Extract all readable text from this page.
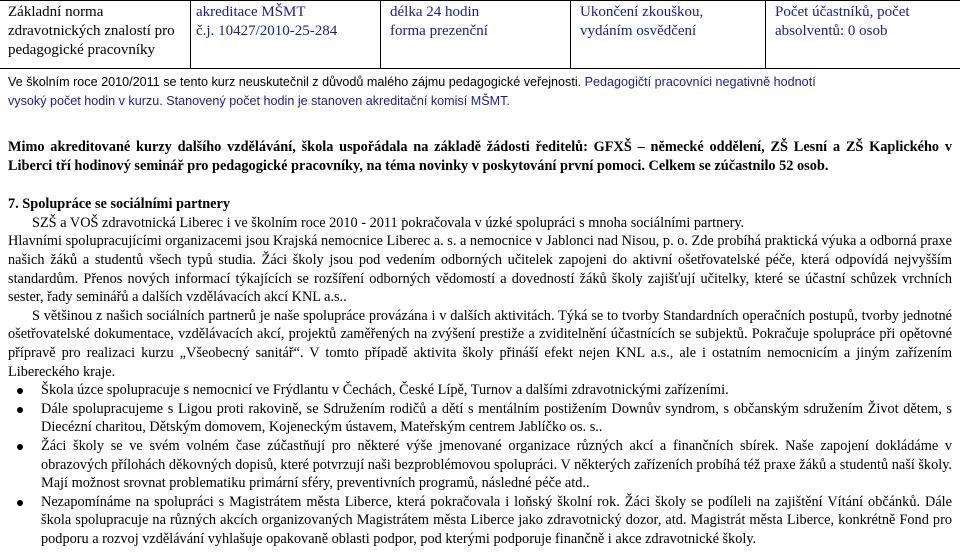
Základní norma
zdravotnických znalostí pro
pedagogické pracovníky
akreditace MŠMT
č.j. 10427/2010-25-284
délka 24 hodin
forma prezenční
Ukončení zkouškou,
vydáním osvědčení
Počet účastníků, počet
absolventů: 0 osob
Ve školním roce 2010/2011 se tento kurz neuskutečnil z důvodů malého zájmu pedagogické veřejnosti. Pedagogičtí pracovníci negativně hodnotí
vysoký počet hodin v kurzu. Stanovený počet hodin je stanoven akreditační komisí MŠMT.

Mimo akreditované kurzy dalšího vzdělávání, škola uspořádala na základě žádosti ředitelů: GFXŠ – německé oddělení, ZŠ Lesní a ZŠ Kaplického v Liberci tří hodinový seminář pro pedagogické pracovníky, na téma novinky v poskytování první pomoci. Celkem se zúčastnilo 52 osob.

7. Spolupráce se sociálními partnery

SZŠ a VOŠ zdravotnická Liberec i ve školním roce 2010 - 2011 pokračovala v úzké spolupráci s mnoha sociálními partnery.

Hlavními spolupracujícími organizacemi jsou Krajská nemocnice Liberec a. s. a nemocnice v Jablonci nad Nisou, p. o. Zde probíhá praktická výuka a odborná praxe našich žáků a studentů všech typů studia. Žáci školy jsou pod vedením odborných učitelek zapojeni do aktivní ošetřovatelské péče, která odpovídá nejvyšším standardům. Přenos nových informací týkajících se rozšíření odborných vědomostí a dovedností žáků školy zajišťují učitelky, které se účastní schůzek vrchních sester, řady seminářů a dalších vzdělávacích akcí KNL a.s..

S většinou z našich sociálních partnerů je naše spolupráce provázána i v dalších aktivitách. Týká se to tvorby Standardních operačních postupů, tvorby jednotné ošetřovatelské dokumentace, vzdělávacích akcí, projektů zaměřených na zvýšení prestiže a zviditelnění účastnících se subjektů. Pokračuje spolupráce při opětovné přípravě pro realizaci kurzu „Všeobecný sanitář“. V tomto případě aktivita školy přináší efekt nejen KNL a.s., ale i ostatním nemocnicím a jiným zařízením Libereckého kraje.

Škola úzce spolupracuje s nemocnicí ve Frýdlantu v Čechách, České Lípě, Turnov a dalšími zdravotnickými zařízeními.
Dále spolupracujeme s Ligou proti rakovině, se Sdružením rodičů a dětí s mentálním postižením Downův syndrom, s občanským sdružením Život dětem, s Diecézní charitou, Dětským domovem, Kojeneckým ústavem, Mateřským centrem Jablíčko os. s..
Žáci školy se ve svém volném čase zúčastňují pro některé výše jmenované organizace různých akcí a finančních sbírek. Naše zapojení dokládáme v obrazových přílohách děkovných dopisů, které potvrzují naši bezproblémovou spolupráci. V některých zařízeních probíhá též praxe žáků a studentů naší školy. Mají možnost srovnat problematiku primární sféry, preventivních programů, následné péče atd..
Nezapomínáme na spolupráci s Magistrátem města Liberce, která pokračovala i loňský školní rok. Žáci školy se podíleli na zajištění Vítání občánků. Dále škola spolupracuje na různých akcích organizovaných Magistrátem města Liberce jako zdravotnický dozor, atd. Magistrát města Liberce, konkrétně Fond pro podporu a rozvoj vzdělávání vyhlašuje opakovaně oblasti podpor, pod kterými podporuje finančně i akce zdravotnické školy.
